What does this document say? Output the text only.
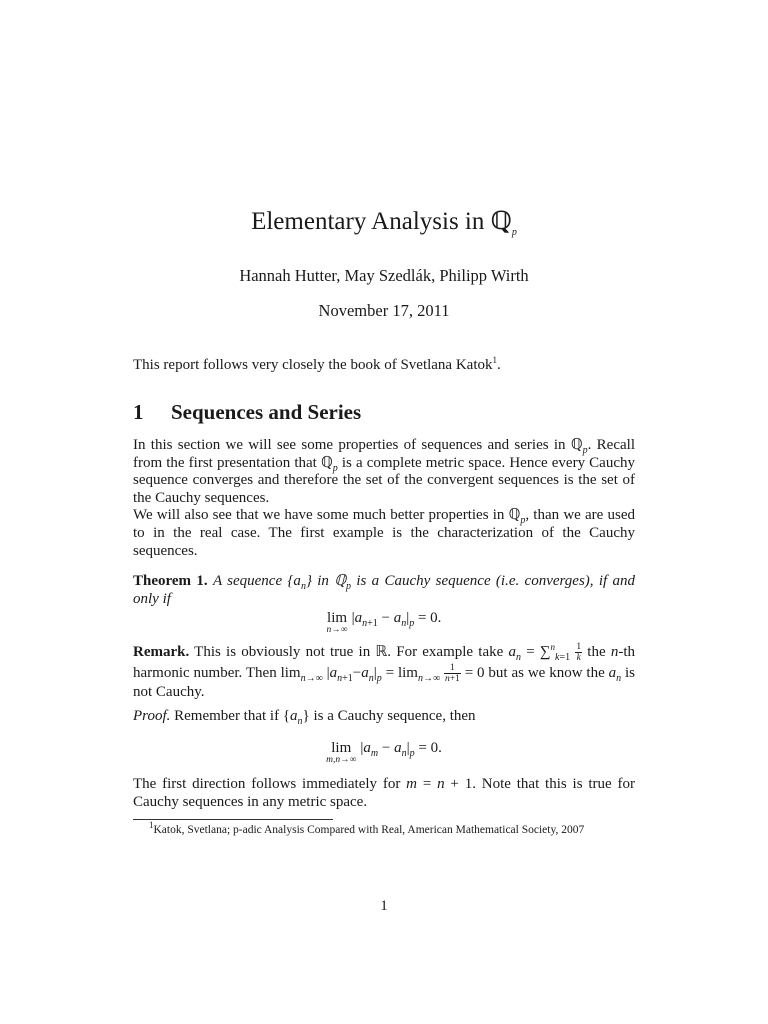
Elementary Analysis in ℚ$_p$
Hannah Hutter, May Szedlák, Philipp Wirth
November 17, 2011
This report follows very closely the book of Svetlana Katok$^1$.
1 Sequences and Series
In this section we will see some properties of sequences and series in ℚ$_p$. Recall from the first presentation that ℚ$_p$ is a complete metric space. Hence every Cauchy sequence converges and therefore the set of the convergent sequences is the set of the Cauchy sequences.
We will also see that we have some much better properties in ℚ$_p$, than we are used to in the real case. The first example is the characterization of the Cauchy sequences.
Theorem 1. A sequence $\{a_n\}$ in ℚ$_p$ is a Cauchy sequence (i.e. converges), if and only if
lim
n→∞
$|a_{n+1} - a_n|_p = 0$.
Remark. This is obviously not true in ℝ. For example take $a_n = \sum^n_{k=1} \frac{1}{k}$ the n-th harmonic number. Then $\lim_{n\to\infty} |a_{n+1}-a_n|_p = \lim_{n\to\infty} \frac{1}{n+1} = 0$ but as we know the $a_n$ is not Cauchy.
Proof. Remember that if $\{a_n\}$ is a Cauchy sequence, then
lim
m,n→∞
$|a_m - a_n|_p = 0$.
The first direction follows immediately for m = n + 1. Note that this is true for Cauchy sequences in any metric space.
$^1$Katok, Svetlana; p-adic Analysis Compared with Real, American Mathematical Society, 2007
1
